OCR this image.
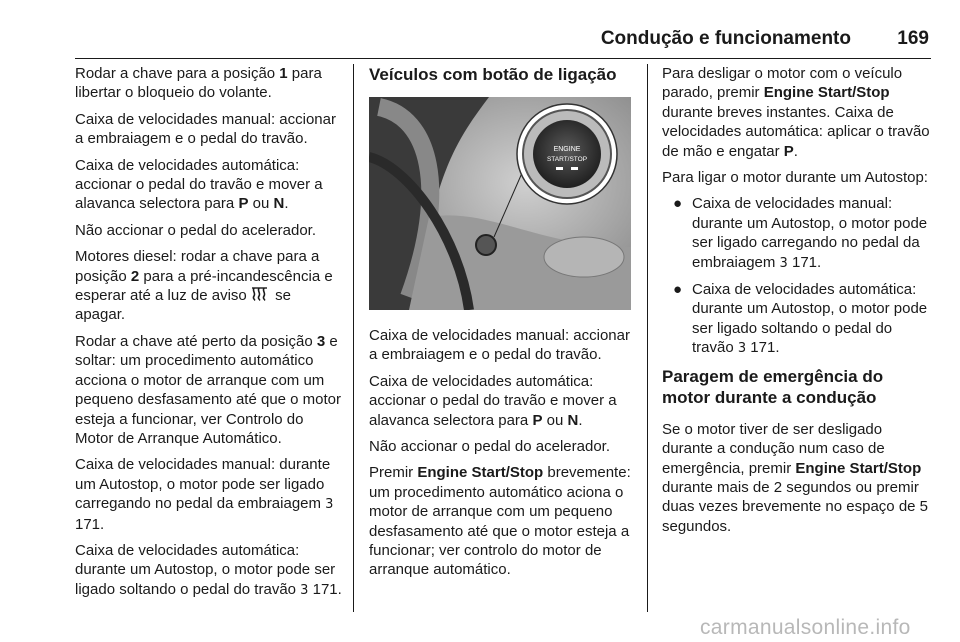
Condução e funcionamento 169

Rodar a chave para a posição 1 para libertar o bloqueio do volante.

Caixa de velocidades manual: accionar a embraiagem e o pedal do travão.

Caixa de velocidades automática: accionar o pedal do travão e mover a alavanca selectora para P ou N.

Não accionar o pedal do acelerador.

Motores diesel: rodar a chave para a posição 2 para a pré-incandescência e esperar até a luz de aviso  se apagar.

Rodar a chave até perto da posição 3 e soltar: um procedimento automático acciona o motor de arranque com um pequeno desfasamento até que o motor esteja a funcionar, ver Controlo do Motor de Arranque Automático.

Caixa de velocidades manual: durante um Autostop, o motor pode ser ligado carregando no pedal da embraiagem 3 171.

Caixa de velocidades automática: durante um Autostop, o motor pode ser ligado soltando o pedal do travão 3 171.

Veículos com botão de ligação
ENGINE
START/STOP

Caixa de velocidades manual: accionar a embraiagem e o pedal do travão.

Caixa de velocidades automática: accionar o pedal do travão e mover a alavanca selectora para P ou N.

Não accionar o pedal do acelerador.

Premir Engine Start/Stop brevemente: um procedimento automático aciona o motor de arranque com um pequeno desfasamento até que o motor esteja a funcionar; ver controlo do motor de arranque automático.

Para desligar o motor com o veículo parado, premir Engine Start/Stop durante breves instantes. Caixa de velocidades automática: aplicar o travão de mão e engatar P.

Para ligar o motor durante um Autostop:

● Caixa de velocidades manual: durante um Autostop, o motor pode ser ligado carregando no pedal da embraiagem 3 171.
● Caixa de velocidades automática: durante um Autostop, o motor pode ser ligado soltando o pedal do travão 3 171.
Paragem de emergência do motor durante a condução

Se o motor tiver de ser desligado durante a condução num caso de emergência, premir Engine Start/Stop durante mais de 2 segundos ou premir duas vezes brevemente no espaço de 5 segundos.

carmanualsonline.info
